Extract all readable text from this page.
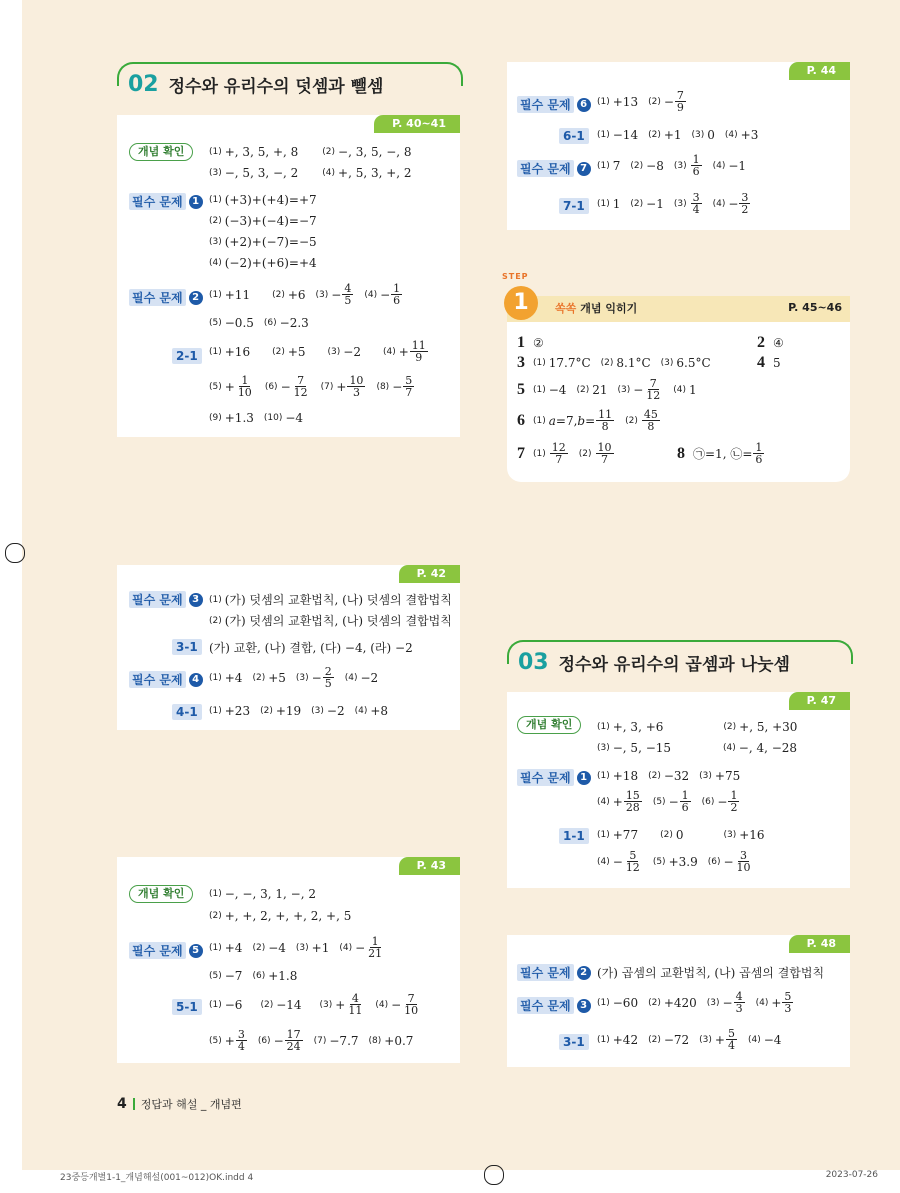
02 정수와 유리수의 덧셈과 뺄셈
P. 40~41
개념 확인	(1) +, 3, 5, +, 8	(2) −, 3, 5, −, 8
(3) −, 5, 3, −, 2	(4) +, 5, 3, +, 2
필수 문제 1	(1) (+3)+(+4)=+7
(2) (−3)+(−4)=−7
(3) (+2)+(−7)=−5
(4) (−2)+(+6)=+4
필수 문제 2	(1) +11 (2) +6 $(3) - \frac{4}{5} (4) - \frac{1}{6}$
(5) −0.5 (6) −2.3
2-1	(1) +16 (2) +5 (3) −2 $(4) + \frac{11}{9}$
$(5) + \frac{1}{10} (6) - \frac{7}{12} (7) + \frac{10}{3} (8) - \frac{5}{7}$
(9) +1.3 (10) −4
P. 42
필수 문제 3	(1) (가) 덧셈의 교환법칙, (나) 덧셈의 결합법칙
(2) (가) 덧셈의 교환법칙, (나) 덧셈의 결합법칙
3-1 (가) 교환, (나) 결합, (다) −4, (라) −2
필수 문제 4	(1) +4 (2) +5 $(3) - \frac{2}{5} (4) -2$
4-1	(1) +23 (2) +19 (3) −2 (4) +8
P. 43
개념 확인	(1) −, −, 3, 1, −, 2
(2) +, +, 2, +, +, 2, +, 5
필수 문제 5	(1) +4 (2) −4 (3) +1 $(4) - \frac{1}{21}$
(5) −7 (6) +1.8
5-1	(1) −6 (2) −14 $(3) + \frac{4}{11} (4) - \frac{7}{10}$
$(5) + \frac{3}{4} (6) - \frac{17}{24} (7) -7.7$ (8) +0.7
P. 44
필수 문제 6	(1) +13 $(2) - \frac{7}{9}$
6-1	(1) −14 (2) +1 (3) 0 (4) +3
필수 문제 7	(1) 7 (2) −8 $(3) \frac{1}{6} (4) -1$
7-1	(1) 1 (2) −1 $(3) \frac{3}{4} (4) - \frac{3}{2}$
쏙쏙 개념 익히기	P. 45~46
1 ②	2 ④
3 (1) 17.7°C (2) 8.1°C (3) 6.5°C	4 5
5 (1) −4 (2) 21 $(3) - \frac{7}{12} (4)$ 1
6 (1) a =7, $b = \frac{11}{8} (2) \frac{45}{8}$
7 $(1) \frac{12}{7} (2) \frac{10}{7}$	8 ㉠=1, ㉡= $\frac{1}{6}$
STEP
1
03 정수와 유리수의 곱셈과 나눗셈
P. 47
개념 확인	(1) +, 3, +6	(2) +, 5, +30
(3) −, 5, −15	(4) −, 4, −28
필수 문제 1	(1) +18 (2) −32 (3) +75
$(4) + \frac{15}{28} (5) - \frac{1}{6} (6) - \frac{1}{2}$
1-1	(1) +77 (2) 0	(3) +16
$(4) - \frac{5}{12} (5) +3.9$ $(6) - \frac{3}{10}$
P. 48
필수 문제 2 (가) 곱셈의 교환법칙, (나) 곱셈의 결합법칙
필수 문제 3	(1) −60 (2) +420 $(3) - \frac{4}{3} (4) + \frac{5}{3}$
3-1	(1) +42 (2) −72 $(3) + \frac{5}{4} (4) -4$
4 정답과 해설 _ 개념편
23중등개별1-1_개념해설(001~012)OK.indd 4	2023-07-26
